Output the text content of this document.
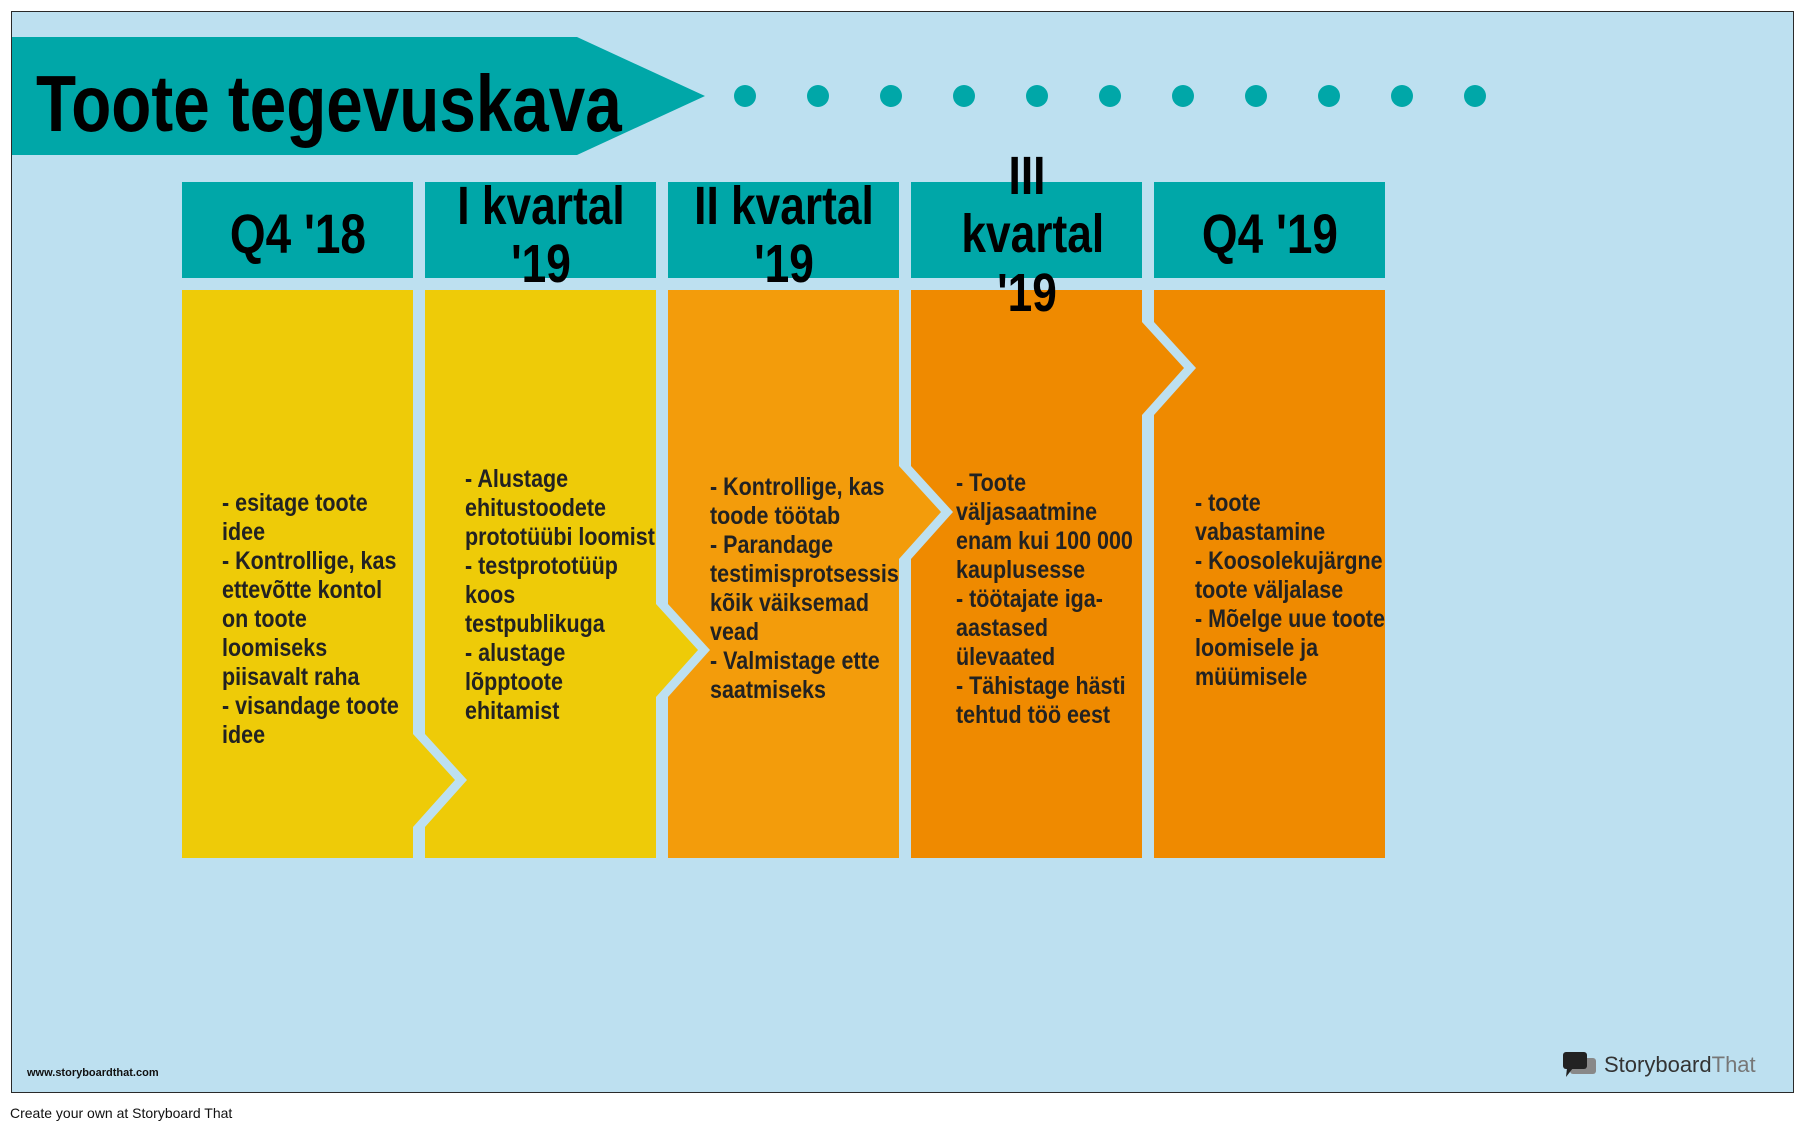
Toote tegevuskava
Q4 '18	I kvartal '19
II kvartal '19
III kvartal '19
Q4 '19

- esitage toote idee
- Kontrollige, kas ettevõtte kontol on toote loomiseks piisavalt raha
- visandage toote idee

- Alustage ehitustoodete prototüübi loomist
- testprototüüp koos testpublikuga
- alustage lõpptoote ehitamist

- Kontrollige, kas toode töötab
- Parandage testimisprotsessis kõik väiksemad vead
- Valmistage ette saatmiseks

- Toote väljasaatmine enam kui 100 000 kauplusesse
- töötajate iga-aastased ülevaated
- Tähistage hästi tehtud töö eest

- toote vabastamine
- Koosolekujärgne toote väljalase
- Mõelge uue toote loomisele ja müümisele

www.storyboardthat.com	StoryboardThat
Create your own at Storyboard That
